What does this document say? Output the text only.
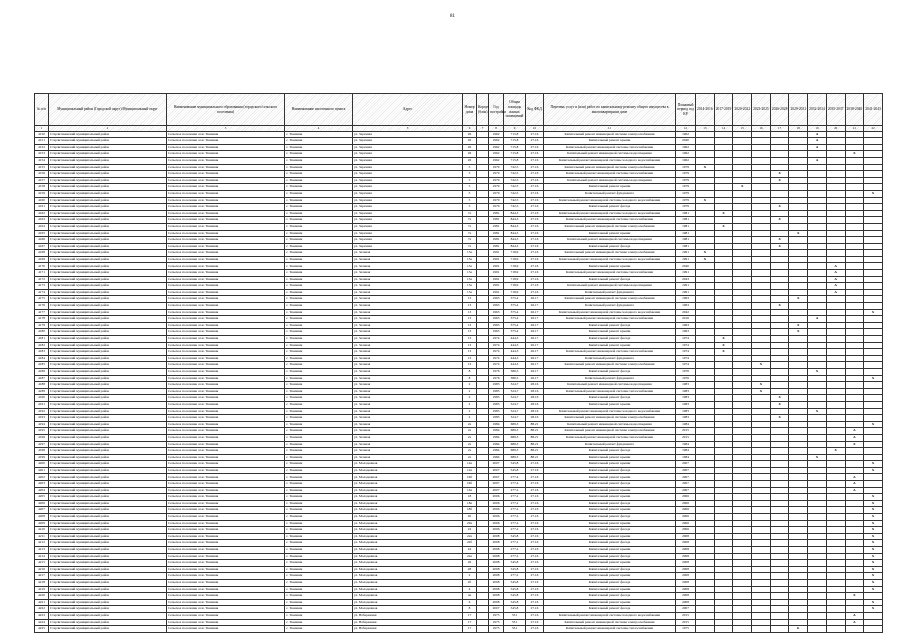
81
№ п/п	Муниципальный район (Городской округ) Муниципальный округ	Наименование муниципального образования (городского/сельского поселения)	Наименование населенного пункта	Адрес	Номер дома	Корпус (блок)	Год постройки	Общая площадь жилых помещений	Код ФКД	Перечень услуг и (или) работ по капитальному ремонту общего имущества в многоквартирном доме	Плановый период год КР	2014-2016	2017-2019	2020-2022	2023-2025	2026-2028	2029-2031	2032-2034	2035-2037	2038-2040	2041-2043
1	2	3	4	5	6	7	8	9	10	11	12	13	14	15	16	17	18	19	20	21	22
4150	Стерлитамакский муниципальный район	Сельское поселение село Тюменяк	с. Тюменяк	ул. Заречная	26		1962	715,8	27.16	Капитальный ремонт инженерной системы электроснабжения	1962							A			
4151	Стерлитамакский муниципальный район	Сельское поселение село Тюменяк	с. Тюменяк	ул. Заречная	26		1962	715,8	27.16	Капитальный ремонт крыши	2040							A			
4152	Стерлитамакский муниципальный район	Сельское поселение село Тюменяк	с. Тюменяк	ул. Заречная	26		1962	715,8	27.16	Капитальный ремонт инженерной системы теплоснабжения	1962							A			
4153	Стерлитамакский муниципальный район	Сельское поселение село Тюменяк	с. Тюменяк	ул. Заречная	26		1962	715,8	27.16	Капитальный ремонт инженерной системы водоотведения	1962									X	
4154	Стерлитамакский муниципальный район	Сельское поселение село Тюменяк	с. Тюменяк	ул. Заречная	26		1962	715,8	27.16	Капитальный ремонт инженерной системы холодного водоснабжения	1962							A			
4155	Стерлитамакский муниципальный район	Сельское поселение село Тюменяк	с. Тюменяк	ул. Заречная	5		1979	742,5	27.16	Капитальный ремонт инженерной системы электроснабжения	1979	X									
4156	Стерлитамакский муниципальный район	Сельское поселение село Тюменяк	с. Тюменяк	ул. Заречная	5		1979	742,5	27.16	Капитальный ремонт инженерной системы теплоснабжения	1979					X					
4157	Стерлитамакский муниципальный район	Сельское поселение село Тюменяк	с. Тюменяк	ул. Заречная	5		1979	742,5	27.16	Капитальный ремонт инженерной системы водоотведения	1979					X					
4158	Стерлитамакский муниципальный район	Сельское поселение село Тюменяк	с. Тюменяк	ул. Заречная	5		1979	742,5	27.16	Капитальный ремонт крыши	1979			X							
4159	Стерлитамакский муниципальный район	Сельское поселение село Тюменяк	с. Тюменяк	ул. Заречная	5		1979	742,5	27.16	Капитальный ремонт фундамента	1979										X
4160	Стерлитамакский муниципальный район	Сельское поселение село Тюменяк	с. Тюменяк	ул. Заречная	5		1979	742,5	27.16	Капитальный ремонт инженерной системы холодного водоснабжения	1979	X									
4161	Стерлитамакский муниципальный район	Сельское поселение село Тюменяк	с. Тюменяк	ул. Заречная	5		1979	742,5	27.16	Капитальный ремонт фасада	1979					X					
4162	Стерлитамакский муниципальный район	Сельское поселение село Тюменяк	с. Тюменяк	ул. Заречная	7а		1981	844,3	27.16	Капитальный ремонт инженерной системы холодного водоснабжения	1981		X								
4163	Стерлитамакский муниципальный район	Сельское поселение село Тюменяк	с. Тюменяк	ул. Заречная	7а		1981	844,3	27.16	Капитальный ремонт инженерной системы теплоснабжения	1981					X					
4164	Стерлитамакский муниципальный район	Сельское поселение село Тюменяк	с. Тюменяк	ул. Заречная	7а		1981	844,3	27.16	Капитальный ремонт инженерной системы электроснабжения	1981		X								
4165	Стерлитамакский муниципальный район	Сельское поселение село Тюменяк	с. Тюменяк	ул. Заречная	7а		1981	844,3	27.16	Капитальный ремонт крыши	1981						X				
4166	Стерлитамакский муниципальный район	Сельское поселение село Тюменяк	с. Тюменяк	ул. Заречная	7а		1981	844,3	27.16	Капитальный ремонт инженерной системы водоотведения	1981					X					
4167	Стерлитамакский муниципальный район	Сельское поселение село Тюменяк	с. Тюменяк	ул. Заречная	7а		1981	844,3	27.16	Капитальный ремонт фасада	1981					X					
4168	Стерлитамакский муниципальный район	Сельское поселение село Тюменяк	с. Тюменяк	ул. Зеленая	15а		1991	718,9	27.16	Капитальный ремонт инженерной системы электроснабжения	1991	X									
4169	Стерлитамакский муниципальный район	Сельское поселение село Тюменяк	с. Тюменяк	ул. Зеленая	15а		1991	718,9	27.16	Капитальный ремонт инженерной системы холодного водоснабжения	1991	X									
4170	Стерлитамакский муниципальный район	Сельское поселение село Тюменяк	с. Тюменяк	ул. Зеленая	15а		1991	718,9	27.16	Капитальный ремонт крыши	2040								A		
4171	Стерлитамакский муниципальный район	Сельское поселение село Тюменяк	с. Тюменяк	ул. Зеленая	15а		1991	718,9	27.16	Капитальный ремонт инженерной системы теплоснабжения	1991								A		
4172	Стерлитамакский муниципальный район	Сельское поселение село Тюменяк	с. Тюменяк	ул. Зеленая	15а		1991	718,9	27.16	Капитальный ремонт фасада	2043								A		
4173	Стерлитамакский муниципальный район	Сельское поселение село Тюменяк	с. Тюменяк	ул. Зеленая	15а		1991	718,9	27.16	Капитальный ремонт инженерной системы водоотведения	1991								A		
4174	Стерлитамакский муниципальный район	Сельское поселение село Тюменяк	с. Тюменяк	ул. Зеленая	15а		1991	718,9	27.16	Капитальный ремонт фундамента	1991								A		
4175	Стерлитамакский муниципальный район	Сельское поселение село Тюменяк	с. Тюменяк	ул. Зеленая	13		1963	375,4	26.17	Капитальный ремонт инженерной системы электроснабжения	1963						X				
4176	Стерлитамакский муниципальный район	Сельское поселение село Тюменяк	с. Тюменяк	ул. Зеленая	13		1963	375,4	26.17	Капитальный ремонт фундамента	1963					X					
4177	Стерлитамакский муниципальный район	Сельское поселение село Тюменяк	с. Тюменяк	ул. Зеленая	13		1963	375,4	26.17	Капитальный ремонт инженерной системы холодного водоснабжения	2042										X
4178	Стерлитамакский муниципальный район	Сельское поселение село Тюменяк	с. Тюменяк	ул. Зеленая	13		1963	375,4	26.17	Капитальный ремонт инженерной системы теплоснабжения	2016							A			
4179	Стерлитамакский муниципальный район	Сельское поселение село Тюменяк	с. Тюменяк	ул. Зеленая	13		1963	375,4	26.17	Капитальный ремонт фасада	1963						X				
4180	Стерлитамакский муниципальный район	Сельское поселение село Тюменяк	с. Тюменяк	ул. Зеленая	13		1963	375,4	26.17	Капитальный ремонт крыши	1963						X				
4181	Стерлитамакский муниципальный район	Сельское поселение село Тюменяк	с. Тюменяк	ул. Зеленая	13		1974	444,3	26.17	Капитальный ремонт фасада	1974		X								
4182	Стерлитамакский муниципальный район	Сельское поселение село Тюменяк	с. Тюменяк	ул. Зеленая	13		1974	444,3	26.17	Капитальный ремонт крыши	1974		X								
4183	Стерлитамакский муниципальный район	Сельское поселение село Тюменяк	с. Тюменяк	ул. Зеленая	13		1974	444,3	26.17	Капитальный ремонт инженерной системы теплоснабжения	1974		X								
4184	Стерлитамакский муниципальный район	Сельское поселение село Тюменяк	с. Тюменяк	ул. Зеленая	13		1974	444,3	26.17	Капитальный ремонт фундамента	1974										
4185	Стерлитамакский муниципальный район	Сельское поселение село Тюменяк	с. Тюменяк	ул. Зеленая	13		1974	444,3	26.17	Капитальный ремонт инженерной системы электроснабжения	1974				X						
4186	Стерлитамакский муниципальный район	Сельское поселение село Тюменяк	с. Тюменяк	ул. Зеленая	8		1976	386,5	26.17	Капитальный ремонт фасада	1976							X			
4187	Стерлитамакский муниципальный район	Сельское поселение село Тюменяк	с. Тюменяк	ул. Зеленая	8		1976	386,5	26.17	Капитальный ремонт фундамента	1976										X
4188	Стерлитамакский муниципальный район	Сельское поселение село Тюменяк	с. Тюменяк	ул. Зеленая	2		1983	324,7	28.16	Капитальный ремонт инженерной системы водоотведения	1983				X						
4189	Стерлитамакский муниципальный район	Сельское поселение село Тюменяк	с. Тюменяк	ул. Зеленая	2		1983	324,7	28.16	Капитальный ремонт инженерной системы теплоснабжения	1983				X						
4190	Стерлитамакский муниципальный район	Сельское поселение село Тюменяк	с. Тюменяк	ул. Зеленая	2		1983	324,7	28.16	Капитальный ремонт фасада	1983					X					
4191	Стерлитамакский муниципальный район	Сельское поселение село Тюменяк	с. Тюменяк	ул. Зеленая	2		1983	324,7	28.16	Капитальный ремонт крыши	1983					X					
4192	Стерлитамакский муниципальный район	Сельское поселение село Тюменяк	с. Тюменяк	ул. Зеленая	2		1983	324,7	28.16	Капитальный ремонт инженерной системы холодного водоснабжения	1983							X			
4193	Стерлитамакский муниципальный район	Сельское поселение село Тюменяк	с. Тюменяк	ул. Зеленая	2		1983	324,7	28.16	Капитальный ремонт инженерной системы электроснабжения	1983					X					
4194	Стерлитамакский муниципальный район	Сельское поселение село Тюменяк	с. Тюменяк	ул. Зеленая	2а		1984	689,3	88.21	Капитальный ремонт инженерной системы водоотведения	1984										X
4195	Стерлитамакский муниципальный район	Сельское поселение село Тюменяк	с. Тюменяк	ул. Зеленая	2а		1984	689,3	88.21	Капитальный ремонт инженерной системы электроснабжения	2015									A	
4196	Стерлитамакский муниципальный район	Сельское поселение село Тюменяк	с. Тюменяк	ул. Зеленая	2а		1984	689,3	88.21	Капитальный ремонт инженерной системы теплоснабжения	2015									A	
4197	Стерлитамакский муниципальный район	Сельское поселение село Тюменяк	с. Тюменяк	ул. Зеленая	2а		1984	689,3	88.21	Капитальный ремонт фундамента	1984									X	
4198	Стерлитамакский муниципальный район	Сельское поселение село Тюменяк	с. Тюменяк	ул. Зеленая	2а		1984	689,3	88.21	Капитальный ремонт фасада	1984								X		
4199	Стерлитамакский муниципальный район	Сельское поселение село Тюменяк	с. Тюменяк	ул. Зеленая	2а		1984	689,3	88.21	Капитальный ремонт крыши	1984							X			
4200	Стерлитамакский муниципальный район	Сельское поселение село Тюменяк	с. Тюменяк	ул. Молодежная	14а		2007	545,8	27.16	Капитальный ремонт крыши	2007										X
4201	Стерлитамакский муниципальный район	Сельское поселение село Тюменяк	с. Тюменяк	ул. Молодежная	14а		2007	545,8	27.16	Капитальный ремонт фасада	2007										X
4202	Стерлитамакский муниципальный район	Сельское поселение село Тюменяк	с. Тюменяк	ул. Молодежная	16б		2007	277,4	27.16	Капитальный ремонт крыши	2007									A	
4203	Стерлитамакский муниципальный район	Сельское поселение село Тюменяк	с. Тюменяк	ул. Молодежная	16б		2007	277,4	27.16	Капитальный ремонт фасада	2007									A	
4204	Стерлитамакский муниципальный район	Сельское поселение село Тюменяк	с. Тюменяк	ул. Молодежная	16а		2007	277,2	27.16	Капитальный ремонт крыши	2007									A	
4205	Стерлитамакский муниципальный район	Сельское поселение село Тюменяк	с. Тюменяк	ул. Молодежная	18		2006	277,2	27.16	Капитальный ремонт крыши	2006										X
4206	Стерлитамакский муниципальный район	Сельское поселение село Тюменяк	с. Тюменяк	ул. Молодежная	18а		2006	277,2	27.16	Капитальный ремонт фасада	2006										X
4207	Стерлитамакский муниципальный район	Сельское поселение село Тюменяк	с. Тюменяк	ул. Молодежная	18б		2006	277,2	27.16	Капитальный ремонт крыши	2006										X
4208	Стерлитамакский муниципальный район	Сельское поселение село Тюменяк	с. Тюменяк	ул. Молодежная	20		2006	277,2	27.16	Капитальный ремонт фасада	2006										X
4209	Стерлитамакский муниципальный район	Сельское поселение село Тюменяк	с. Тюменяк	ул. Молодежная	20а		2006	277,2	27.16	Капитальный ремонт крыши	2006										X
4210	Стерлитамакский муниципальный район	Сельское поселение село Тюменяк	с. Тюменяк	ул. Молодежная	22		2006	277,2	27.16	Капитальный ремонт фасада	2006										X
4211	Стерлитамакский муниципальный район	Сельское поселение село Тюменяк	с. Тюменяк	ул. Молодежная	22а		2008	545,8	27.16	Капитальный ремонт крыши	2008										X
4212	Стерлитамакский муниципальный район	Сельское поселение село Тюменяк	с. Тюменяк	ул. Молодежная	22б		2008	277,2	27.16	Капитальный ремонт фасада	2008										X
4213	Стерлитамакский муниципальный район	Сельское поселение село Тюменяк	с. Тюменяк	ул. Молодежная	24		2008	277,2	27.16	Капитальный ремонт крыши	2008										X
4214	Стерлитамакский муниципальный район	Сельское поселение село Тюменяк	с. Тюменяк	ул. Молодежная	24а		2008	277,2	27.16	Капитальный ремонт фасада	2008										X
4215	Стерлитамакский муниципальный район	Сельское поселение село Тюменяк	с. Тюменяк	ул. Молодежная	26		2008	545,8	27.16	Капитальный ремонт крыши	2008										X
4216	Стерлитамакский муниципальный район	Сельское поселение село Тюменяк	с. Тюменяк	ул. Молодежная	28		2008	545,8	27.16	Капитальный ремонт фасада	2008										X
4217	Стерлитамакский муниципальный район	Сельское поселение село Тюменяк	с. Тюменяк	ул. Молодежная	2		2008	277,2	27.16	Капитальный ремонт крыши	2008										X
4218	Стерлитамакский муниципальный район	Сельское поселение село Тюменяк	с. Тюменяк	ул. Молодежная	2б		2008	545,8	27.16	Капитальный ремонт фасада	2008										X
4219	Стерлитамакский муниципальный район	Сельское поселение село Тюменяк	с. Тюменяк	ул. Молодежная	4		2008	545,8	27.16	Капитальный ремонт крыши	2008										X
4220	Стерлитамакский муниципальный район	Сельское поселение село Тюменяк	с. Тюменяк	ул. Молодежная	4а		2008	545,8	27.16	Капитальный ремонт фасада	2008									X	
4221	Стерлитамакский муниципальный район	Сельское поселение село Тюменяк	с. Тюменяк	ул. Молодежная	6		2008	545,8	27.16	Капитальный ремонт крыши	2008										X
4222	Стерлитамакский муниципальный район	Сельское поселение село Тюменяк	с. Тюменяк	ул. Молодежная	8		2007	545,8	27.16	Капитальный ремонт фасада	2007										X
4223	Стерлитамакский муниципальный район	Сельское поселение село Тюменяк	с. Тюменяк	ул. Набережная	17		1975	531	27.16	Капитальный ремонт инженерной системы холодного водоснабжения	2015									A	
4224	Стерлитамакский муниципальный район	Сельское поселение село Тюменяк	с. Тюменяк	ул. Набережная	17		1975	531	27.16	Капитальный ремонт инженерной системы электроснабжения	2015									A	
4225	Стерлитамакский муниципальный район	Сельское поселение село Тюменяк	с. Тюменяк	ул. Набережная	17		1975	531	27.16	Капитальный ремонт инженерной системы теплоснабжения	1975						h				
